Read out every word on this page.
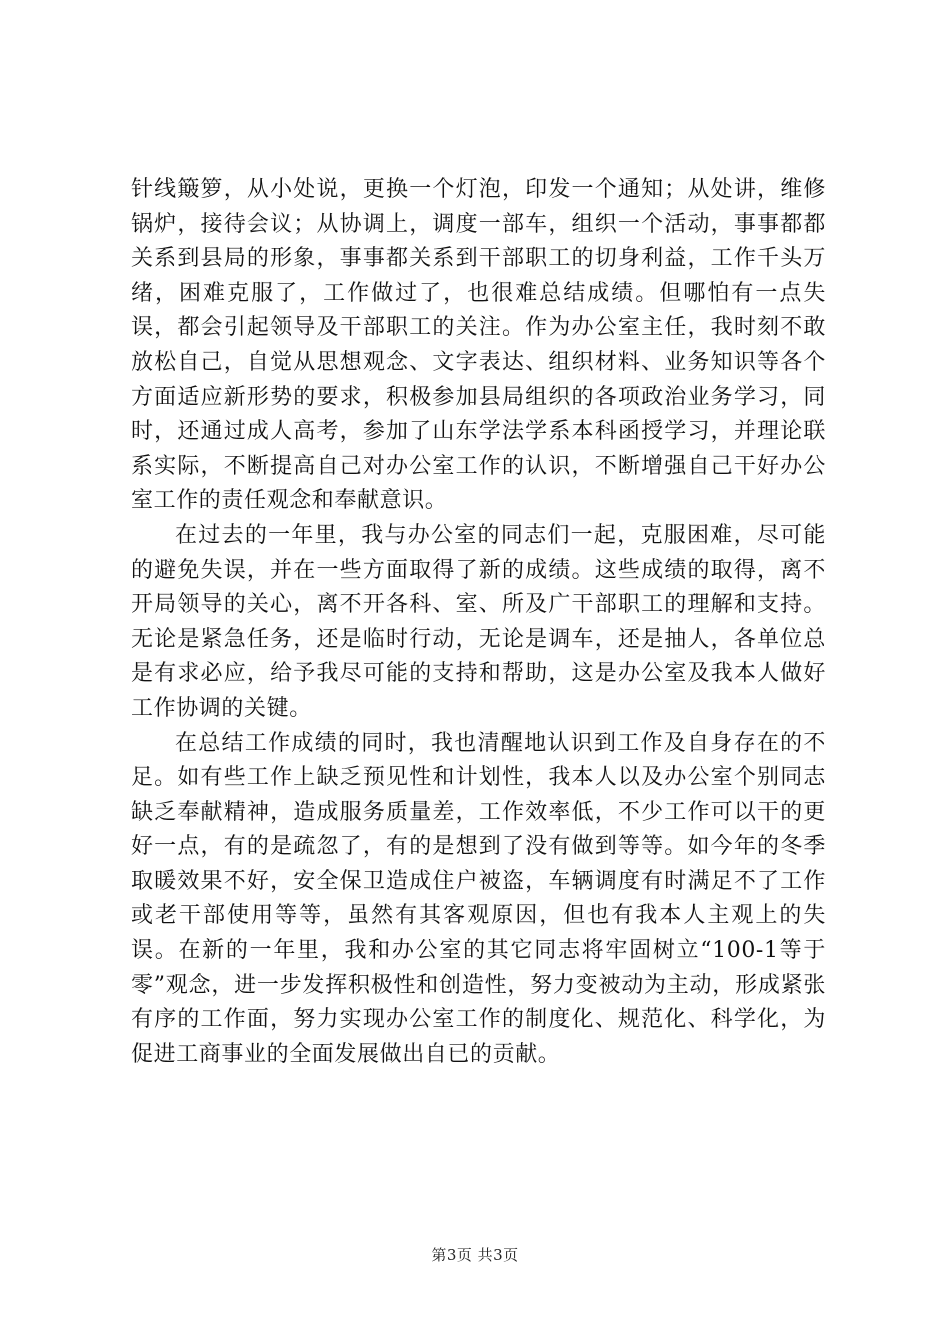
针线簸箩，从小处说，更换一个灯泡，印发一个通知；从处讲，维修锅炉，接待会议；从协调上，调度一部车，组织一个活动，事事都都关系到县局的形象，事事都关系到干部职工的切身利益，工作千头万绪，困难克服了，工作做过了，也很难总结成绩。但哪怕有一点失误，都会引起领导及干部职工的关注。作为办公室主任，我时刻不敢放松自己，自觉从思想观念、文字表达、组织材料、业务知识等各个方面适应新形势的要求，积极参加县局组织的各项政治业务学习，同时，还通过成人高考，参加了山东学法学系本科函授学习，并理论联系实际，不断提高自己对办公室工作的认识，不断增强自己干好办公室工作的责任观念和奉献意识。

在过去的一年里，我与办公室的同志们一起，克服困难，尽可能的避免失误，并在一些方面取得了新的成绩。这些成绩的取得，离不开局领导的关心，离不开各科、室、所及广干部职工的理解和支持。无论是紧急任务，还是临时行动，无论是调车，还是抽人，各单位总是有求必应，给予我尽可能的支持和帮助，这是办公室及我本人做好工作协调的关键。

在总结工作成绩的同时，我也清醒地认识到工作及自身存在的不足。如有些工作上缺乏预见性和计划性，我本人以及办公室个别同志缺乏奉献精神，造成服务质量差，工作效率低，不少工作可以干的更好一点，有的是疏忽了，有的是想到了没有做到等等。如今年的冬季取暖效果不好，安全保卫造成住户被盗，车辆调度有时满足不了工作或老干部使用等等，虽然有其客观原因，但也有我本人主观上的失误。在新的一年里，我和办公室的其它同志将牢固树立“100-1等于零”观念，进一步发挥积极性和创造性，努力变被动为主动，形成紧张有序的工作面，努力实现办公室工作的制度化、规范化、科学化，为促进工商事业的全面发展做出自已的贡献。

第3页 共3页
